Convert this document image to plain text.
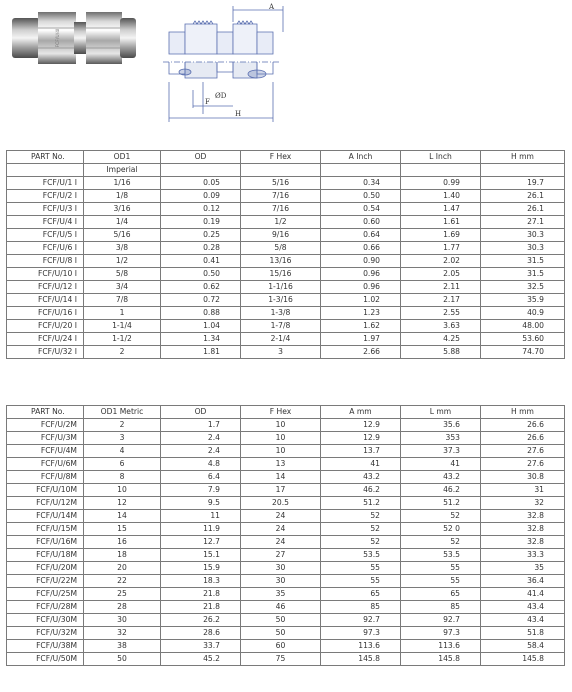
FCF/U/4I
A
ØD
F
H
PART No.	OD1	OD	F Hex	A Inch	L Inch	H mm
	Imperial					
FCF/U/1 I	1/16	0.05	5/16	0.34	0.99	19.7
FCF/U/2 I	1/8	0.09	7/16	0.50	1.40	26.1
FCF/U/3 I	3/16	0.12	7/16	0.54	1.47	26.1
FCF/U/4 I	1/4	0.19	1/2	0.60	1.61	27.1
FCF/U/5 I	5/16	0.25	9/16	0.64	1.69	30.3
FCF/U/6 I	3/8	0.28	5/8	0.66	1.77	30.3
FCF/U/8 I	1/2	0.41	13/16	0.90	2.02	31.5
FCF/U/10 I	5/8	0.50	15/16	0.96	2.05	31.5
FCF/U/12 I	3/4	0.62	1-1/16	0.96	2.11	32.5
FCF/U/14 I	7/8	0.72	1-3/16	1.02	2.17	35.9
FCF/U/16 I	1	0.88	1-3/8	1.23	2.55	40.9
FCF/U/20 I	1-1/4	1.04	1-7/8	1.62	3.63	48.00
FCF/U/24 I	1-1/2	1.34	2-1/4	1.97	4.25	53.60
FCF/U/32 I	2	1.81	3	2.66	5.88	74.70
PART No.	OD1 Metric	OD	F Hex	A mm	L mm	H mm
FCF/U/2M	2	1.7	10	12.9	35.6	26.6
FCF/U/3M	3	2.4	10	12.9	353	26.6
FCF/U/4M	4	2.4	10	13.7	37.3	27.6
FCF/U/6M	6	4.8	13	41	41	27.6
FCF/U/8M	8	6.4	14	43.2	43.2	30.8
FCF/U/10M	10	7.9	17	46.2	46.2	31
FCF/U/12M	12	9.5	20.5	51.2	51.2	32
FCF/U/14M	14	11	24	52	52	32.8
FCF/U/15M	15	11.9	24	52	52 0	32.8
FCF/U/16M	16	12.7	24	52	52	32.8
FCF/U/18M	18	15.1	27	53.5	53.5	33.3
FCF/U/20M	20	15.9	30	55	55	35
FCF/U/22M	22	18.3	30	55	55	36.4
FCF/U/25M	25	21.8	35	65	65	41.4
FCF/U/28M	28	21.8	46	85	85	43.4
FCF/U/30M	30	26.2	50	92.7	92.7	43.4
FCF/U/32M	32	28.6	50	97.3	97.3	51.8
FCF/U/38M	38	33.7	60	113.6	113.6	58.4
FCF/U/50M	50	45.2	75	145.8	145.8	145.8
